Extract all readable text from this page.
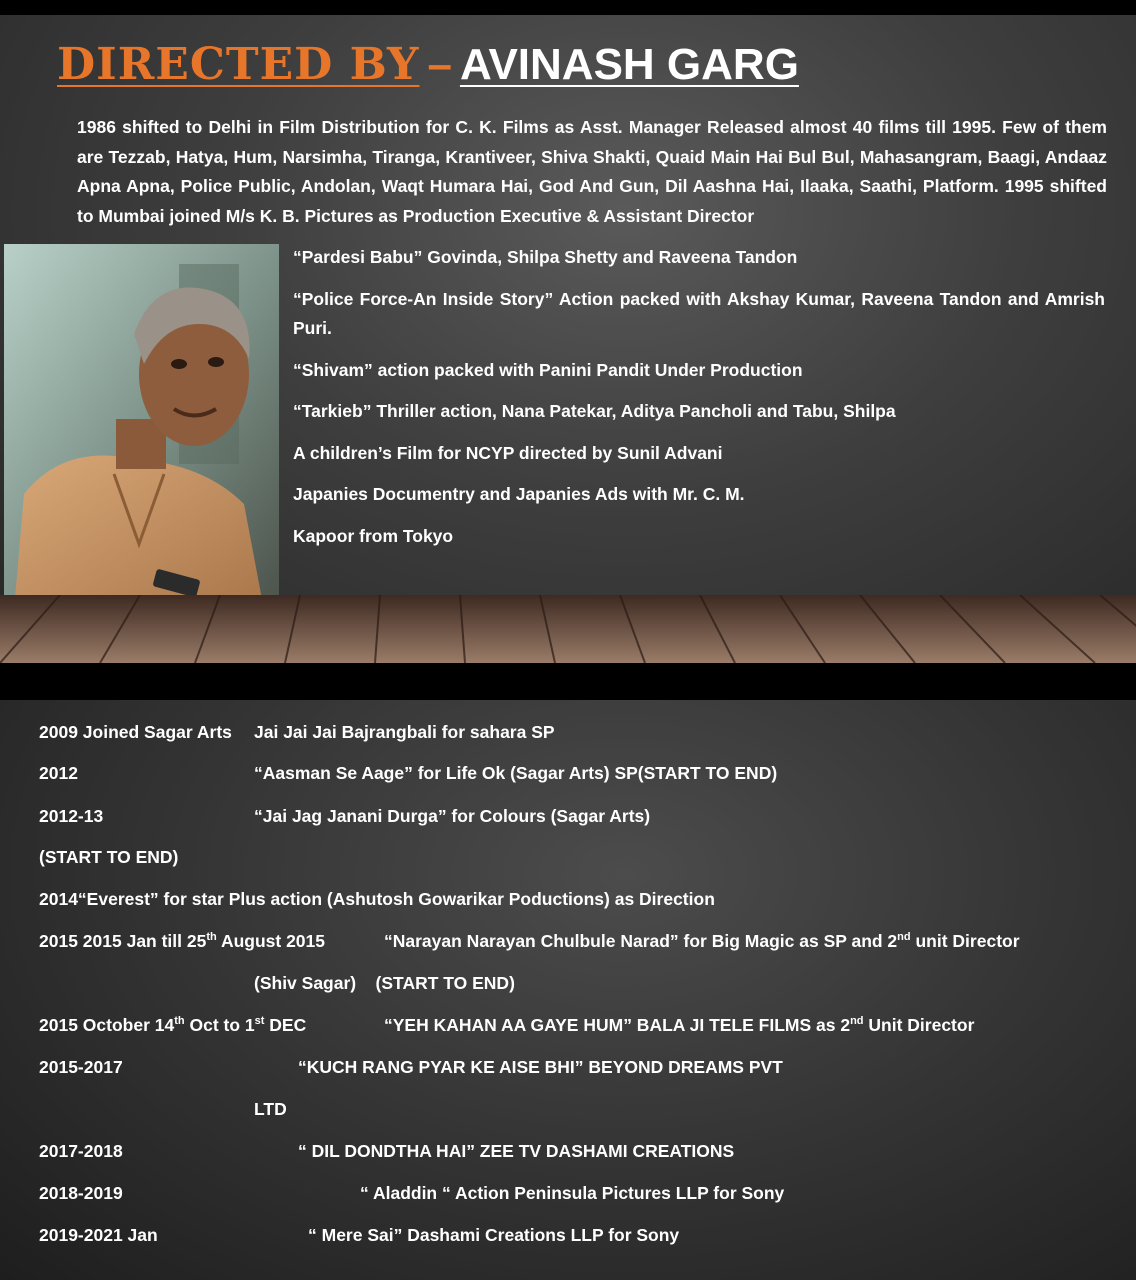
DIRECTED BY – AVINASH GARG
1986 shifted to Delhi in Film Distribution for C. K. Films as Asst. Manager Released almost 40 films till 1995. Few of them are Tezzab, Hatya, Hum, Narsimha, Tiranga, Krantiveer, Shiva Shakti, Quaid Main Hai Bul Bul, Mahasangram, Baagi, Andaaz Apna Apna, Police Public, Andolan, Waqt Humara Hai, God And Gun, Dil Aashna Hai, Ilaaka, Saathi, Platform. 1995 shifted to Mumbai joined M/s K. B. Pictures as Production Executive & Assistant Director
“Pardesi Babu” Govinda, Shilpa Shetty and Raveena Tandon
“Police Force-An Inside Story” Action packed with Akshay Kumar, Raveena Tandon and Amrish Puri.
“Shivam” action packed with Panini Pandit Under Production
“Tarkieb” Thriller action, Nana Patekar, Aditya Pancholi and Tabu, Shilpa
A children’s Film for NCYP directed by Sunil Advani
Japanies Documentry and Japanies Ads with Mr. C. M.
Kapoor from Tokyo
2009 Joined Sagar Arts Jai Jai Jai Bajrangbali for sahara SP
2012	“Aasman Se Aage” for Life Ok (Sagar Arts) SP(START TO END)
2012-13	“Jai Jag Janani Durga” for Colours (Sagar Arts)
(START TO END)
2014“Everest” for star Plus action (Ashutosh Gowarikar Poductions) as Direction
2015 2015 Jan till 25th August 2015	“Narayan Narayan Chulbule Narad” for Big Magic as SP and 2nd unit Director
(Shiv Sagar)    (START TO END)
2015 October 14th Oct to 1st DEC	“YEH KAHAN AA GAYE HUM” BALA JI TELE FILMS as 2nd Unit Director
2015-2017	“KUCH RANG PYAR KE AISE BHI” BEYOND DREAMS PVT
LTD
2017-2018	“ DIL DONDTHA HAI” ZEE TV DASHAMI CREATIONS
2018-2019	“ Aladdin “ Action Peninsula Pictures LLP for Sony
2019-2021 Jan	“ Mere Sai” Dashami Creations LLP for Sony
